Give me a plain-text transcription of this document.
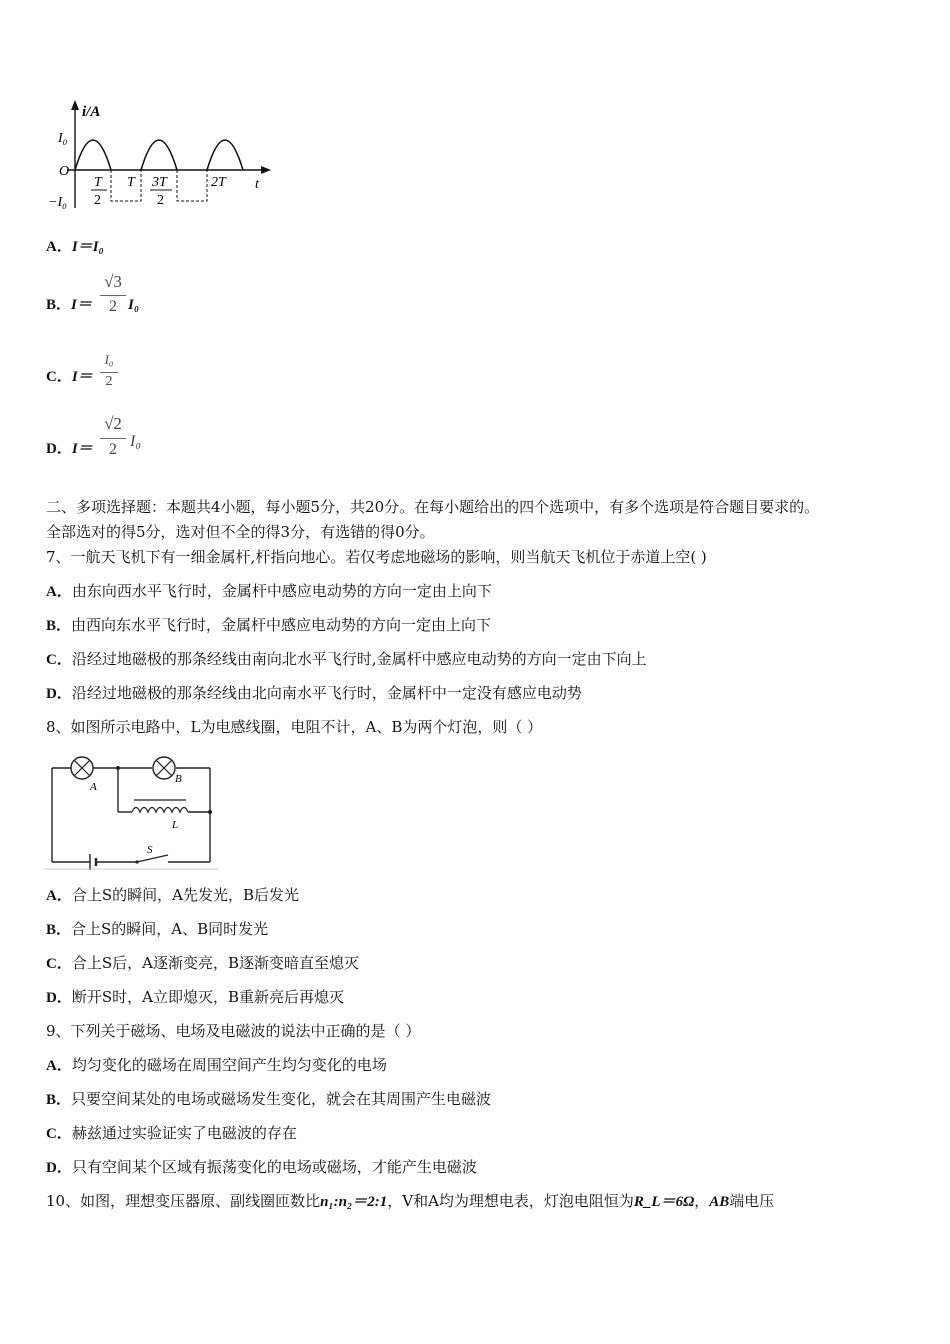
i/A
I₀
O
−I₀
T
2
T 3T
2
2T t
A．I＝I₀
B．I＝
√3
2 I₀
C．I＝
I₀
2
D．I＝
√2
2 I₀
二、多项选择题：本题共4小题，每小题5分，共20分。在每小题给出的四个选项中，有多个选项是符合题目要求的。
全部选对的得5分，选对但不全的得3分，有选错的得0分。
7、一航天飞机下有一细金属杆,杆指向地心。若仅考虑地磁场的影响，则当航天飞机位于赤道上空( )
A．由东向西水平飞行时，金属杆中感应电动势的方向一定由上向下
B．由西向东水平飞行时，金属杆中感应电动势的方向一定由上向下
C．沿经过地磁极的那条经线由南向北水平飞行时,金属杆中感应电动势的方向一定由下向上
D．沿经过地磁极的那条经线由北向南水平飞行时，金属杆中一定没有感应电动势
8、如图所示电路中，L为电感线圈，电阻不计，A、B为两个灯泡，则（ ）
A
B
L
S
A．合上S的瞬间，A先发光，B后发光
B．合上S的瞬间，A、B同时发光
C．合上S后，A逐渐变亮，B逐渐变暗直至熄灭
D．断开S时，A立即熄灭，B重新亮后再熄灭
9、下列关于磁场、电场及电磁波的说法中正确的是（ ）
A．均匀变化的磁场在周围空间产生均匀变化的电场
B．只要空间某处的电场或磁场发生变化，就会在其周围产生电磁波
C．赫兹通过实验证实了电磁波的存在
D．只有空间某个区域有振荡变化的电场或磁场，才能产生电磁波
10、如图，理想变压器原、副线圈匝数比n₁:n₂＝2:1，V和A均为理想电表，灯泡电阻恒为R_L＝6Ω，AB端电压
